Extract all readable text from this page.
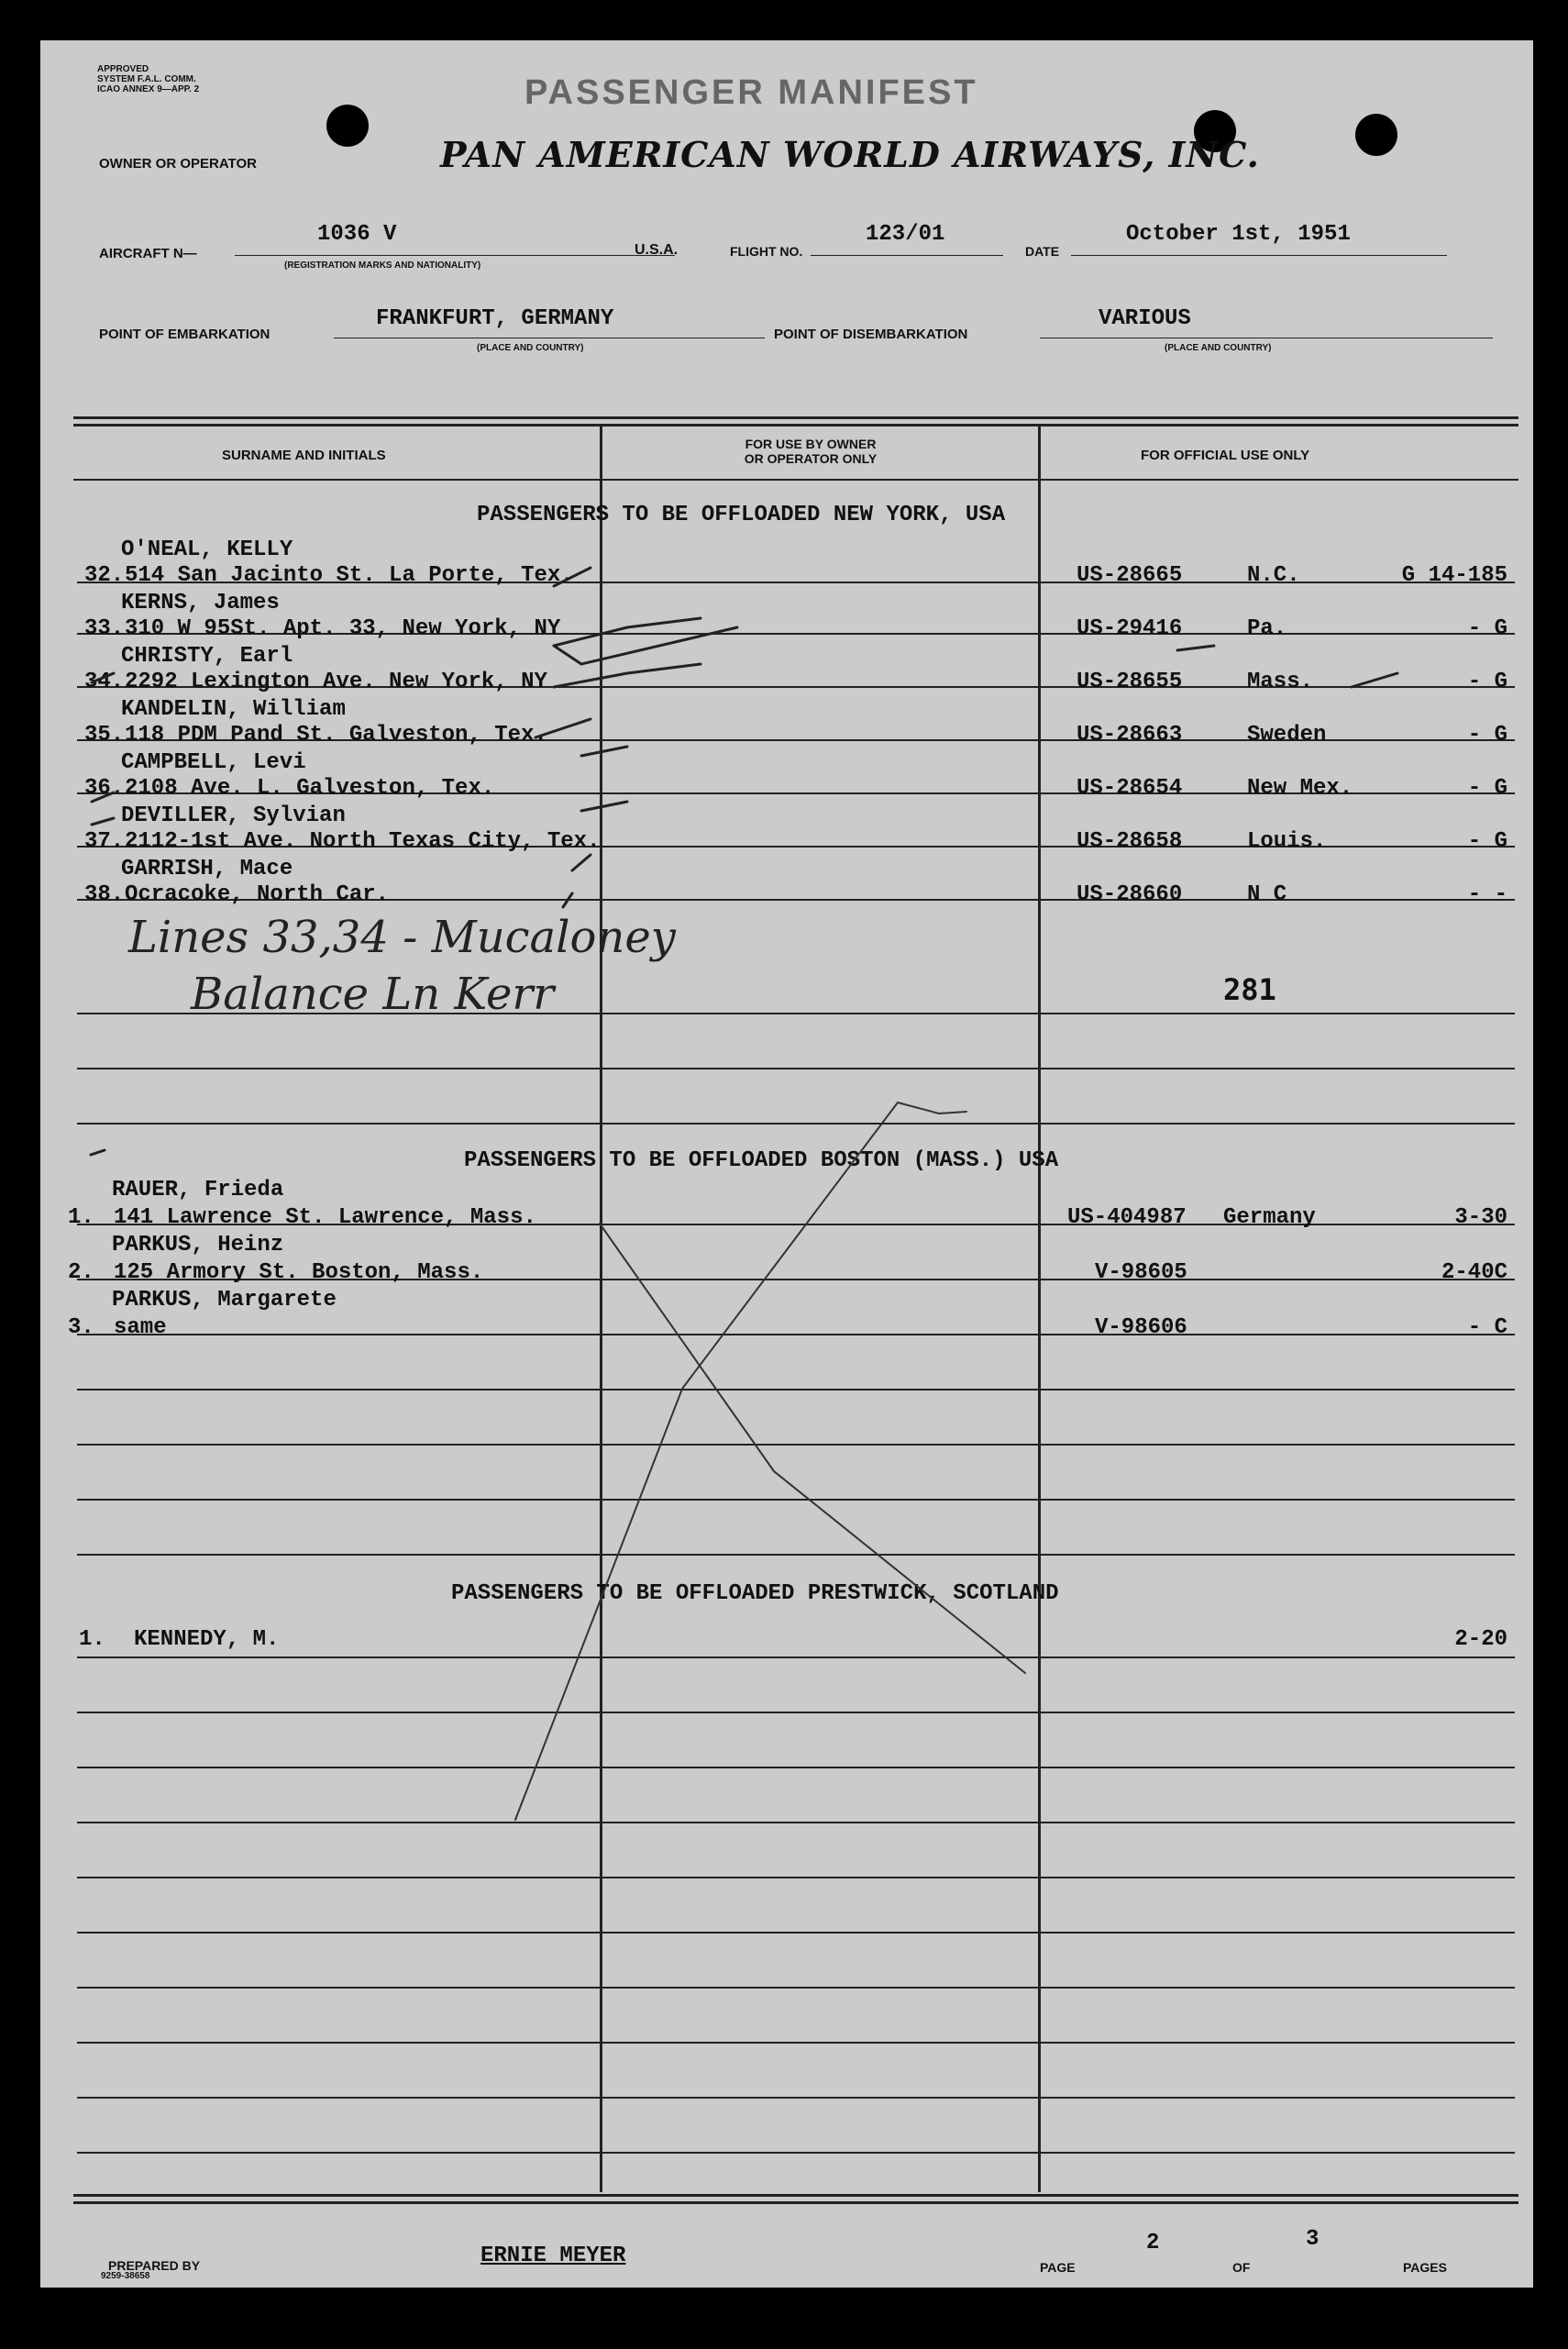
APPROVED
SYSTEM F.A.L. COMM.
ICAO ANNEX 9—APP. 2	PASSENGER MANIFEST
OWNER OR OPERATOR	PAN AMERICAN WORLD AIRWAYS, INC.
AIRCRAFT N—
1036 V
(REGISTRATION MARKS AND NATIONALITY)
U.S.A.	FLIGHT NO.
123/01
DATE
October 1st, 1951
POINT OF EMBARKATION
FRANKFURT, GERMANY
(PLACE AND COUNTRY)
POINT OF DISEMBARKATION
VARIOUS
(PLACE AND COUNTRY)
SURNAME AND INITIALS
FOR USE BY OWNER
OR OPERATOR ONLY	FOR OFFICIAL USE ONLY
PASSENGERS TO BE OFFLOADED NEW YORK, USA
O'NEAL, KELLY
32. 514 San Jacinto St. La Porte, Tex.	US-28665	N.C.	G 14-185
KERNS, James
33. 310 W 95St. Apt. 33, New York, NY	US-29416	Pa.	- G
CHRISTY, Earl
34. 2292 Lexington Ave. New York, NY	US-28655	Mass.	- G
KANDELIN, William
35. 118 PDM Pand St. Galveston, Tex.	US-28663	Sweden	- G
CAMPBELL, Levi
36. 2108 Ave. L. Galveston, Tex.	US-28654	New Mex.	- G
DEVILLER, Sylvian
37. 2112-1st Ave. North Texas City, Tex.	US-28658	Louis.	- G
GARRISH, Mace
38. Ocracoke, North Car.	US-28660	N C	- -
Lines 33,34 - Mucaloney
Balance Ln Kerr	281
PASSENGERS TO BE OFFLOADED BOSTON (MASS.) USA
RAUER, Frieda
1. 141 Lawrence St. Lawrence, Mass.	US-404987 Germany	3-30
PARKUS, Heinz
2. 125 Armory St. Boston, Mass.	V-98605	2-40C
PARKUS, Margarete
3. same	V-98606	- C
PASSENGERS TO BE OFFLOADED PRESTWICK, SCOTLAND
1. KENNEDY, M.	2-20
PREPARED BY	ERNIE MEYER	PAGE
2
OF
3
PAGES
9259-38658
